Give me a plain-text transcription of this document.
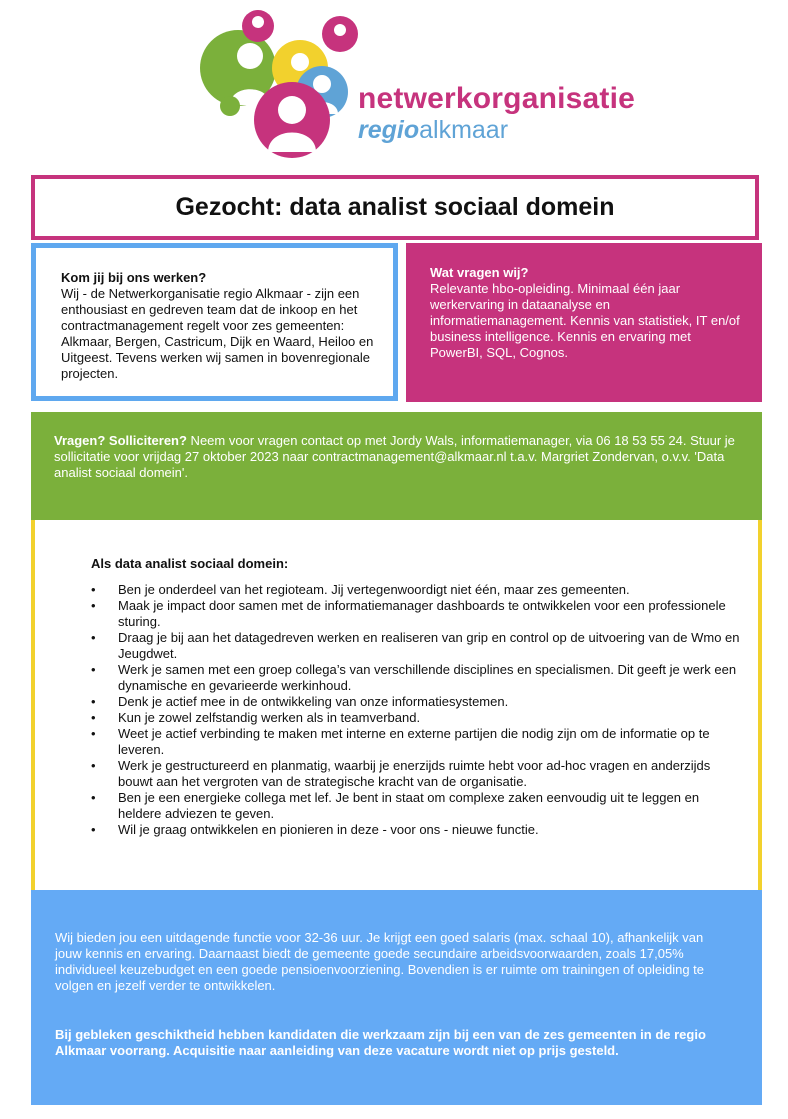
netwerkorganisatie
regioalkmaar
Gezocht: data analist sociaal domein
Kom jij bij ons werken?
Wij - de Netwerkorganisatie regio Alkmaar - zijn een enthousiast en gedreven team dat de inkoop en het contractmanagement regelt voor zes gemeenten: Alkmaar, Bergen, Castricum, Dijk en Waard, Heiloo en Uitgeest. Tevens werken wij samen in bovenregionale projecten.
Wat vragen wij?
Relevante hbo-opleiding. Minimaal één jaar werkervaring in dataanalyse en informatiemanagement. Kennis van statistiek, IT en/of business intelligence. Kennis en ervaring met PowerBI, SQL, Cognos.
Vragen? Solliciteren? Neem voor vragen contact op met Jordy Wals, informatiemanager, via 06 18 53 55 24. Stuur je sollicitatie voor vrijdag 27 oktober 2023 naar contractmanagement@alkmaar.nl t.a.v. Margriet Zondervan, o.v.v. 'Data analist sociaal domein'.
Als data analist sociaal domein:
• Ben je onderdeel van het regioteam. Jij vertegenwoordigt niet één, maar zes gemeenten.
• Maak je impact door samen met de informatiemanager dashboards te ontwikkelen voor een professionele sturing.
• Draag je bij aan het datagedreven werken en realiseren van grip en control op de uitvoering van de Wmo en Jeugdwet.
• Werk je samen met een groep collega’s van verschillende disciplines en specialismen. Dit geeft je werk een dynamische en gevarieerde werkinhoud.
• Denk je actief mee in de ontwikkeling van onze informatiesystemen.
• Kun je zowel zelfstandig werken als in teamverband.
• Weet je actief verbinding te maken met interne en externe partijen die nodig zijn om de informatie op te leveren.
• Werk je gestructureerd en planmatig, waarbij je enerzijds ruimte hebt voor ad-hoc vragen en anderzijds bouwt aan het vergroten van de strategische kracht van de organisatie.
• Ben je een energieke collega met lef. Je bent in staat om complexe zaken eenvoudig uit te leggen en heldere adviezen te geven.
• Wil je graag ontwikkelen en pionieren in deze - voor ons - nieuwe functie.
Wij bieden jou een uitdagende functie voor 32-36 uur. Je krijgt een goed salaris (max. schaal 10), afhankelijk van jouw kennis en ervaring. Daarnaast biedt de gemeente goede secundaire arbeidsvoorwaarden, zoals 17,05% individueel keuzebudget en een goede pensioenvoorziening. Bovendien is er ruimte om trainingen of opleiding te volgen en jezelf verder te ontwikkelen.
Bij gebleken geschiktheid hebben kandidaten die werkzaam zijn bij een van de zes gemeenten in de regio Alkmaar voorrang. Acquisitie naar aanleiding van deze vacature wordt niet op prijs gesteld.
